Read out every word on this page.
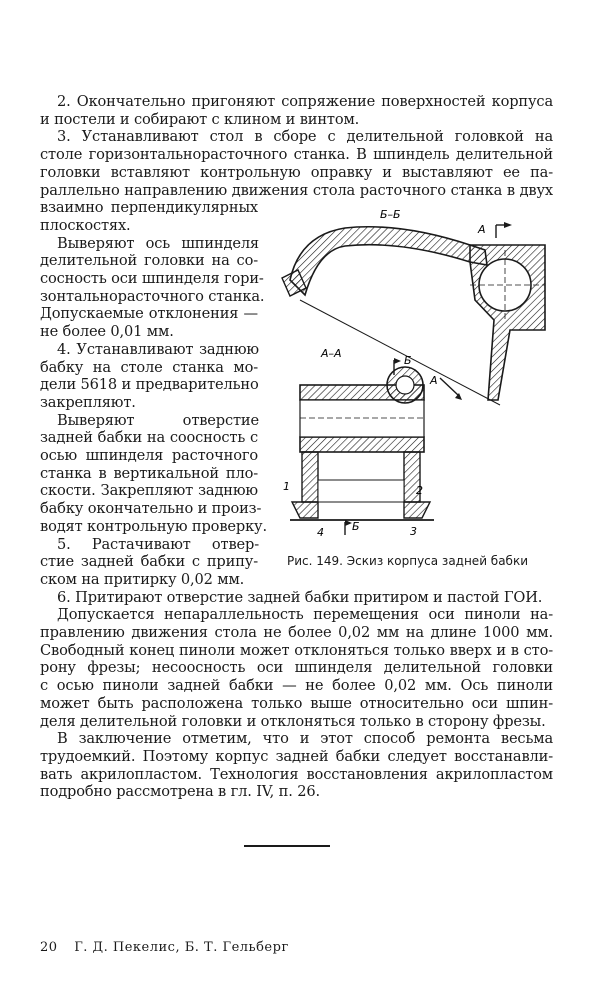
2. Окончательно пригоняют сопряжение поверхностей корпуса
и постели и собирают с клином и винтом.
3. Устанавливают стол в сборе с делительной головкой на
столе горизонтальнорасточного станка. В шпиндель делительной
головки вставляют контрольную оправку и выставляют ее па-
раллельно направлению движения стола расточного станка в двух
взаимно перпендикулярных
плоскостях.
Выверяют ось шпинделя
делительной головки на со-
сосность оси шпинделя гори-
зонтальнорасточного станка.
Допускаемые отклонения —
не более 0,01 мм.
4. Устанавливают заднюю
бабку на столе станка мо-
дели 5618 и предварительно
закрепляют.
Выверяют отверстие
задней бабки на соосность с
осью шпинделя расточного
станка в вертикальной пло-
скости. Закрепляют заднюю
бабку окончательно и произ-
водят контрольную проверку.
5. Растачивают отвер-
стие задней бабки с припу-
ском на притирку 0,02 мм.
6. Притирают отверстие задней бабки притиром и пастой ГОИ.
Допускается непараллельность перемещения оси пиноли на-
правлению движения стола не более 0,02 мм на длине 1000 мм.
Свободный конец пиноли может отклоняться только вверх и в сто-
рону фрезы; несоосность оси шпинделя делительной головки
с осью пиноли задней бабки — не более 0,02 мм. Ось пиноли
может быть расположена только выше относительно оси шпин-
деля делительной головки и отклоняться только в сторону фрезы.
В заключение отметим, что и этот способ ремонта весьма
трудоемкий. Поэтому корпус задней бабки следует восстанавли-
вать акрилопластом. Технология восстановления акрилопластом
подробно рассмотрена в гл. IV, п. 26.
Б–Б
А
А
А–А
Б
Б
1	2
3
4
Рис. 149. Эскиз корпуса задней бабки
20 Г. Д. Пекелис, Б. Т. Гельберг
